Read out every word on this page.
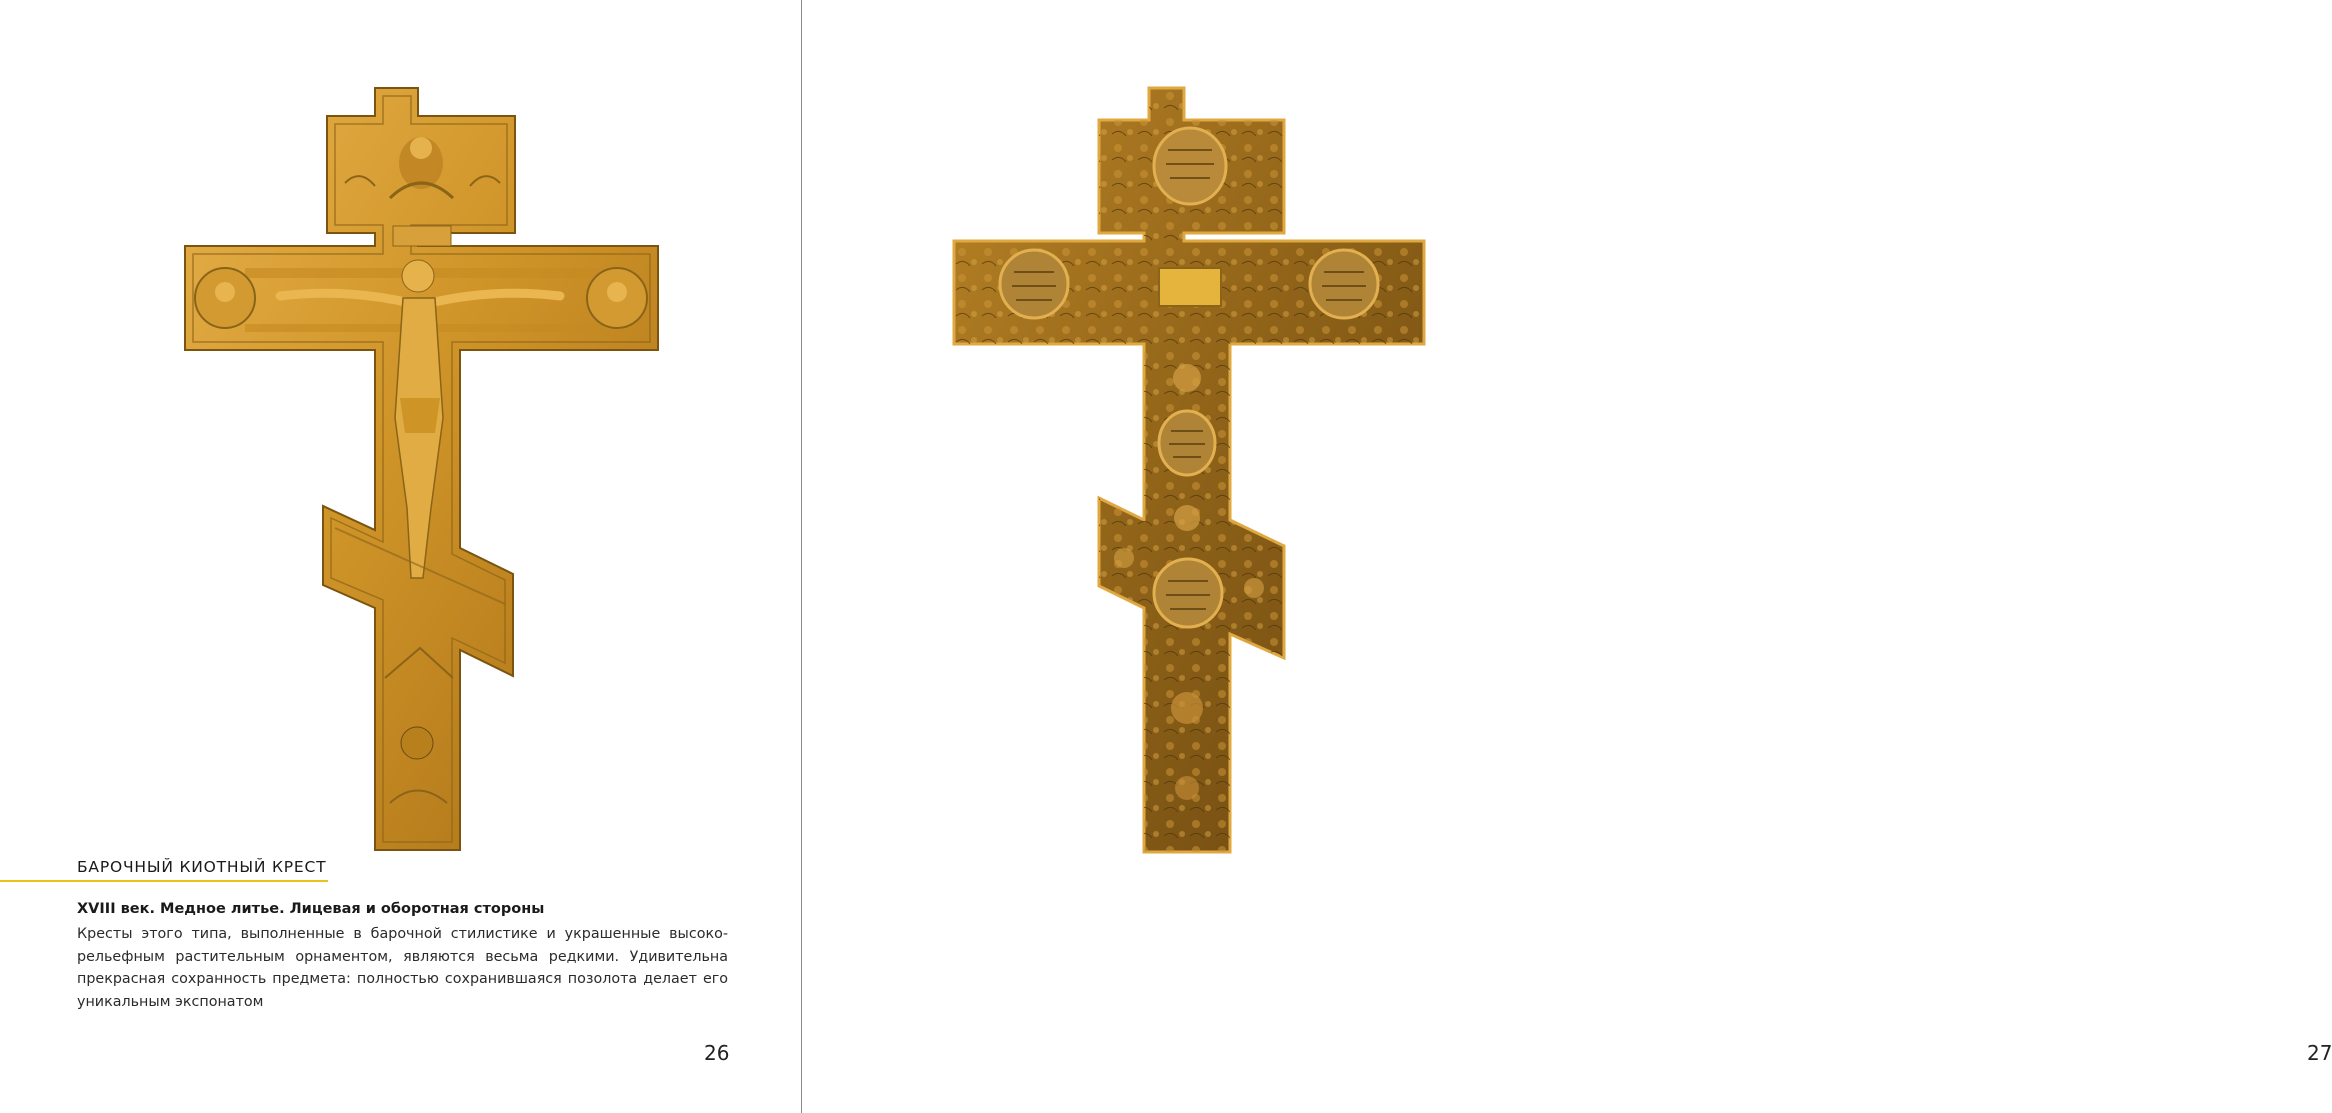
БАРОЧНЫЙ КИОТНЫЙ КРЕСТ
XVIII век. Медное литье. Лицевая и оборотная стороны
Кресты этого типа, выполненные в барочной стилистике и украшенные высоко-рельефным растительным орнаментом, являются весьма редкими. Удивительна прекрасная сохранность предмета: полностью сохранившаяся позолота делает его уникальным экспонатом
26	27
